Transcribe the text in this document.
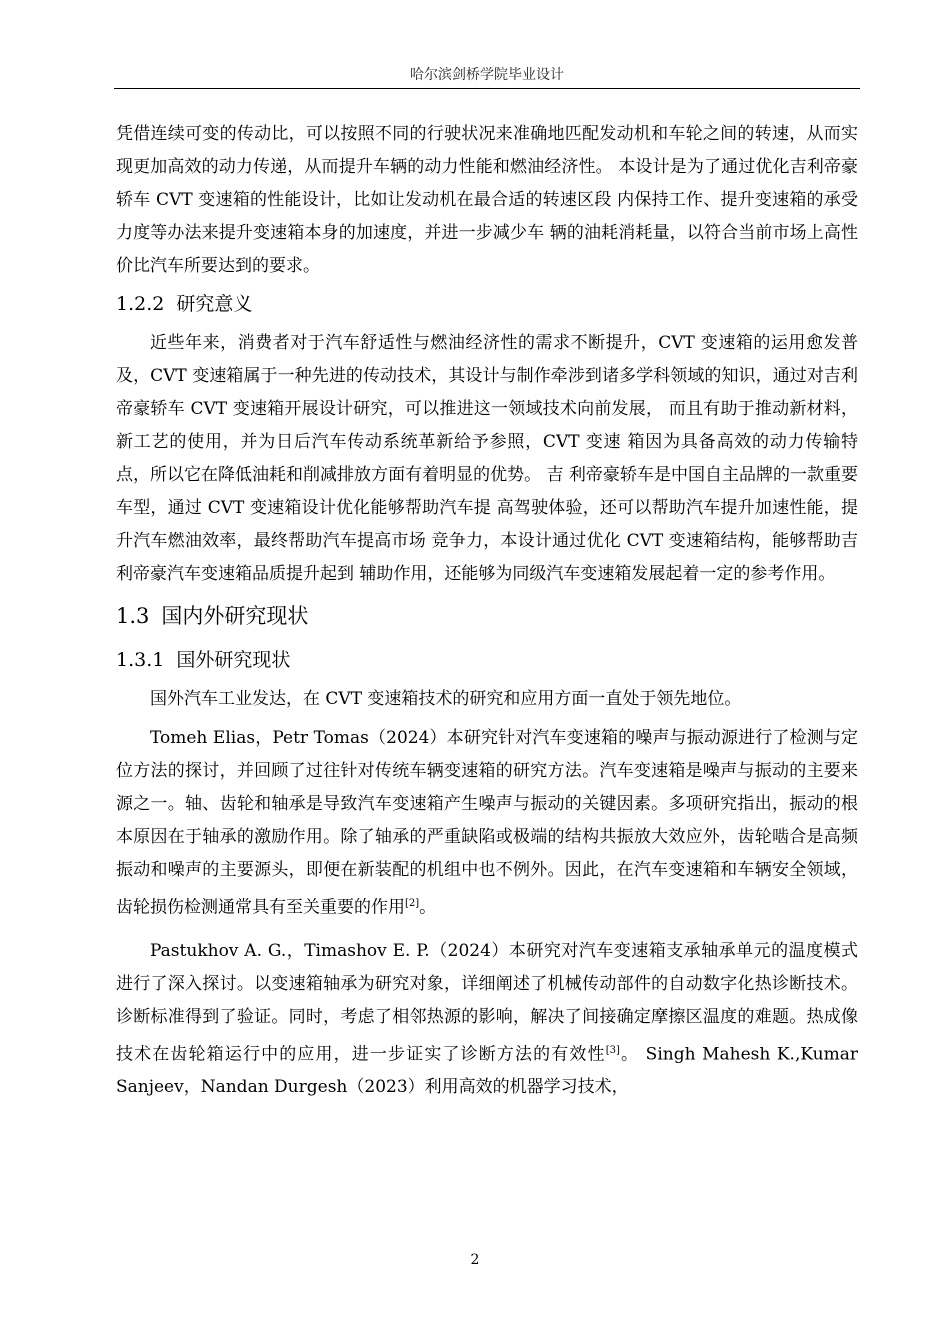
哈尔滨剑桥学院毕业设计

凭借连续可变的传动比，可以按照不同的行驶状况来准确地匹配发动机和车轮之间的转速，从而实现更加高效的动力传递，从而提升车辆的动力性能和燃油经济性。 本设计是为了通过优化吉利帝豪轿车 CVT 变速箱的性能设计，比如让发动机在最合适的转速区段 内保持工作、提升变速箱的承受力度等办法来提升变速箱本身的加速度，并进一步减少车 辆的油耗消耗量，以符合当前市场上高性价比汽车所要达到的要求。

1.2.2 研究意义

近些年来，消费者对于汽车舒适性与燃油经济性的需求不断提升，CVT 变速箱的运用愈发普及，CVT 变速箱属于一种先进的传动技术，其设计与制作牵涉到诸多学科领域的知识，通过对吉利帝豪轿车 CVT 变速箱开展设计研究，可以推进这一领域技术向前发展， 而且有助于推动新材料，新工艺的使用，并为日后汽车传动系统革新给予参照，CVT 变速 箱因为具备高效的动力传输特点，所以它在降低油耗和削减排放方面有着明显的优势。 吉 利帝豪轿车是中国自主品牌的一款重要车型，通过 CVT 变速箱设计优化能够帮助汽车提 高驾驶体验，还可以帮助汽车提升加速性能，提升汽车燃油效率，最终帮助汽车提高市场 竞争力，本设计通过优化 CVT 变速箱结构，能够帮助吉利帝豪汽车变速箱品质提升起到 辅助作用，还能够为同级汽车变速箱发展起着一定的参考作用。

1.3 国内外研究现状
1.3.1 国外研究现状

国外汽车工业发达，在 CVT 变速箱技术的研究和应用方面一直处于领先地位。

Tomeh Elias，Petr Tomas（2024）本研究针对汽车变速箱的噪声与振动源进行了检测与定位方法的探讨，并回顾了过往针对传统车辆变速箱的研究方法。汽车变速箱是噪声与振动的主要来源之一。轴、齿轮和轴承是导致汽车变速箱产生噪声与振动的关键因素。多项研究指出，振动的根本原因在于轴承的激励作用。除了轴承的严重缺陷或极端的结构共振放大效应外，齿轮啮合是高频振动和噪声的主要源头，即便在新装配的机组中也不例外。因此，在汽车变速箱和车辆安全领域，齿轮损伤检测通常具有至关重要的作用[2]。

Pastukhov A. G.，Timashov E. P.（2024）本研究对汽车变速箱支承轴承单元的温度模式进行了深入探讨。以变速箱轴承为研究对象，详细阐述了机械传动部件的自动数字化热诊断技术。诊断标准得到了验证。同时，考虑了相邻热源的影响，解决了间接确定摩擦区温度的难题。热成像技术在齿轮箱运行中的应用，进一步证实了诊断方法的有效性[3]。 Singh Mahesh K.,Kumar Sanjeev，Nandan Durgesh（2023）利用高效的机器学习技术，

2
